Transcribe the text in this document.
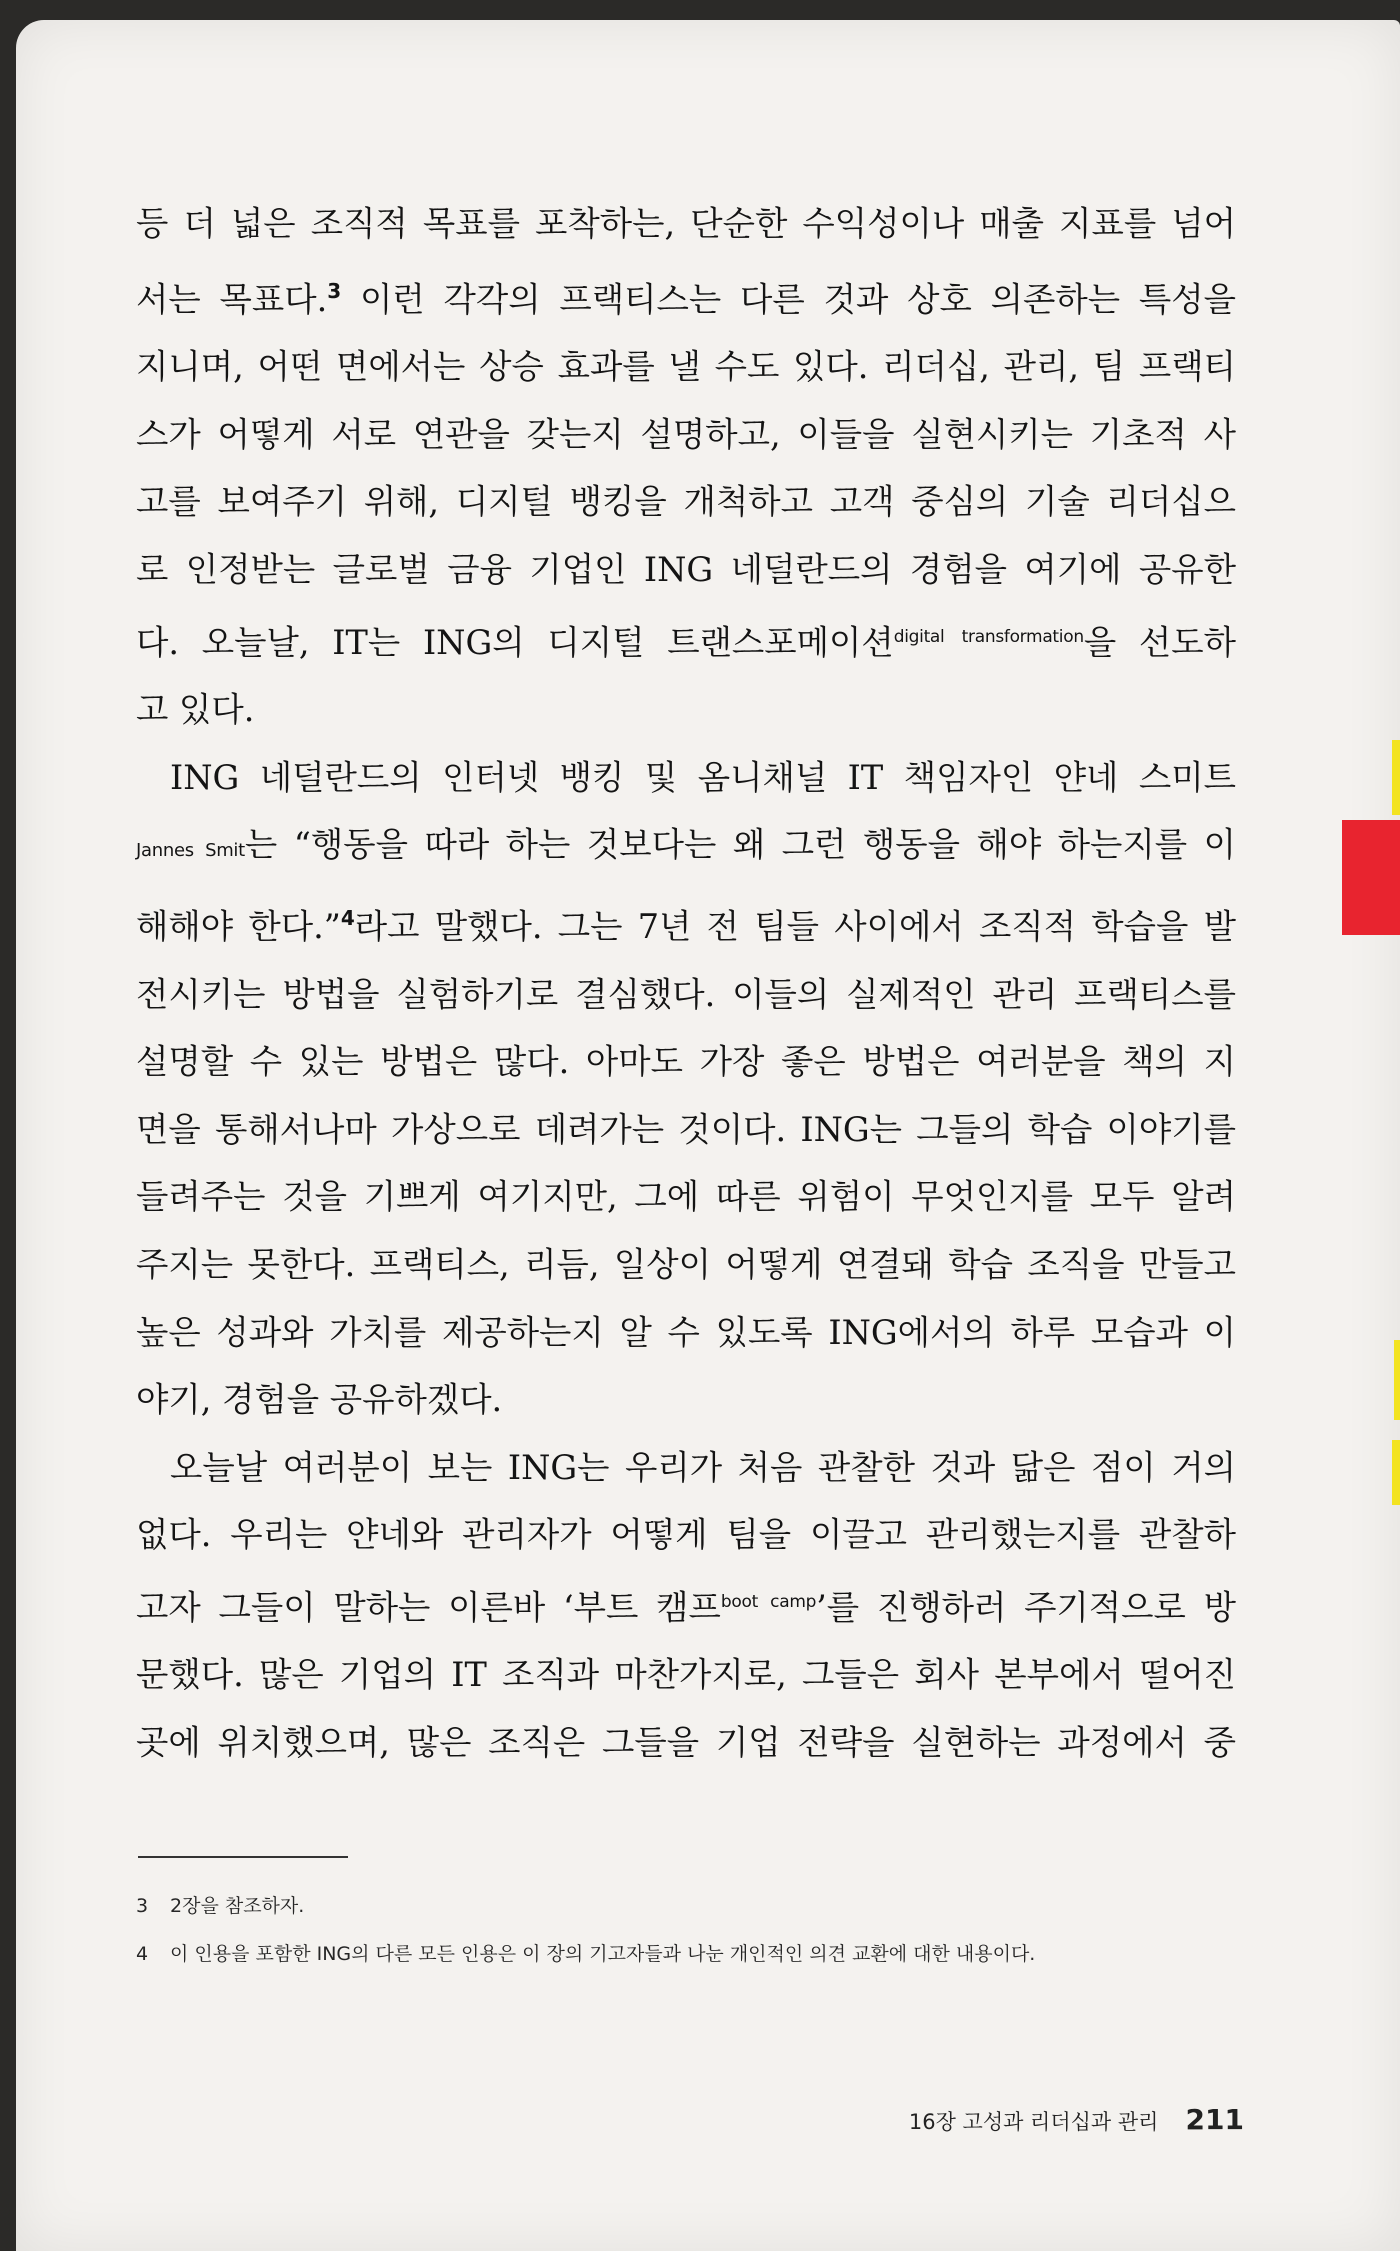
등 더 넓은 조직적 목표를 포착하는, 단순한 수익성이나 매출 지표를 넘어
서는 목표다.$^3$ 이런 각각의 프랙티스는 다른 것과 상호 의존하는 특성을
지니며, 어떤 면에서는 상승 효과를 낼 수도 있다. 리더십, 관리, 팀 프랙티
스가 어떻게 서로 연관을 갖는지 설명하고, 이들을 실현시키는 기초적 사
고를 보여주기 위해, 디지털 뱅킹을 개척하고 고객 중심의 기술 리더십으
로 인정받는 글로벌 금융 기업인 ING 네덜란드의 경험을 여기에 공유한
다. 오늘날, IT는 ING의 디지털 트랜스포메이션$^{digital transformation}$을 선도하
고 있다.
ING 네덜란드의 인터넷 뱅킹 및 옴니채널 IT 책임자인 얀네 스미트
Jannes Smit는 “행동을 따라 하는 것보다는 왜 그런 행동을 해야 하는지를 이
해해야 한다.”$^4$라고 말했다. 그는 7년 전 팀들 사이에서 조직적 학습을 발
전시키는 방법을 실험하기로 결심했다. 이들의 실제적인 관리 프랙티스를
설명할 수 있는 방법은 많다. 아마도 가장 좋은 방법은 여러분을 책의 지
면을 통해서나마 가상으로 데려가는 것이다. ING는 그들의 학습 이야기를
들려주는 것을 기쁘게 여기지만, 그에 따른 위험이 무엇인지를 모두 알려
주지는 못한다. 프랙티스, 리듬, 일상이 어떻게 연결돼 학습 조직을 만들고
높은 성과와 가치를 제공하는지 알 수 있도록 ING에서의 하루 모습과 이
야기, 경험을 공유하겠다.
오늘날 여러분이 보는 ING는 우리가 처음 관찰한 것과 닮은 점이 거의
없다. 우리는 얀네와 관리자가 어떻게 팀을 이끌고 관리했는지를 관찰하
고자 그들이 말하는 이른바 ‘부트 캠프$^{boot camp}$’를 진행하러 주기적으로 방
문했다. 많은 기업의 IT 조직과 마찬가지로, 그들은 회사 본부에서 떨어진
곳에 위치했으며, 많은 조직은 그들을 기업 전략을 실현하는 과정에서 중
3 2장을 참조하자.
4 이 인용을 포함한 ING의 다른 모든 인용은 이 장의 기고자들과 나눈 개인적인 의견 교환에 대한 내용이다.
16장 고성과 리더십과 관리 211
